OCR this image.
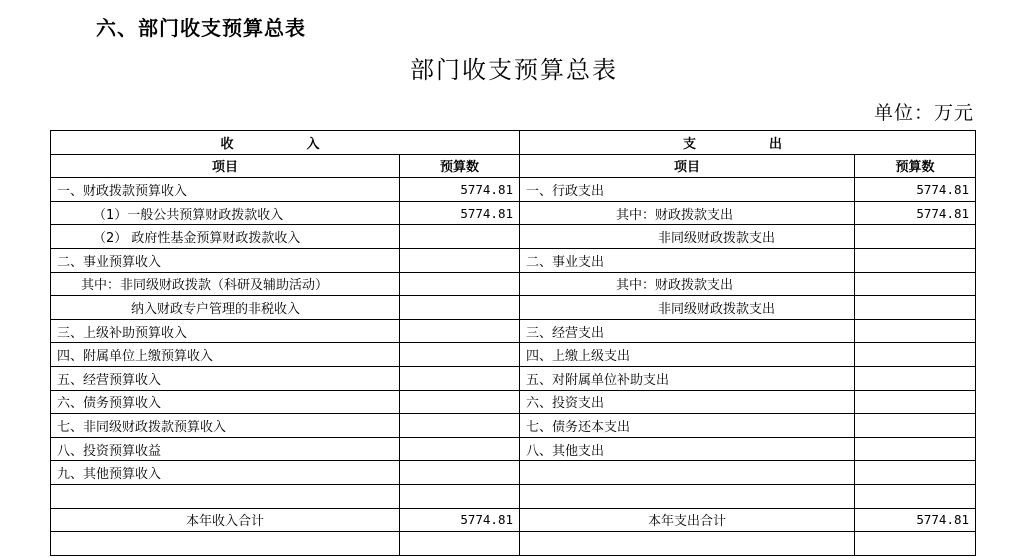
六、部门收支预算总表
部门收支预算总表
单位：万元
收　入		支　出	
项目	预算数	项目	预算数
一、财政拨款预算收入	5774.81	一、行政支出	5774.81
（1）一般公共预算财政拨款收入	5774.81	其中：财政拨款支出	5774.81
（2） 政府性基金预算财政拨款收入		非同级财政拨款支出	
二、事业预算收入		二、事业支出	
其中：非同级财政拨款（科研及辅助活动）		其中：财政拨款支出	
纳入财政专户管理的非税收入		非同级财政拨款支出	
三、上级补助预算收入		三、经营支出	
四、附属单位上缴预算收入		四、上缴上级支出	
五、经营预算收入		五、对附属单位补助支出	
六、债务预算收入		六、投资支出	
七、非同级财政拨款预算收入		七、债务还本支出	
八、投资预算收益		八、其他支出	
九、其他预算收入			

本年收入合计	5774.81	本年支出合计	5774.81
